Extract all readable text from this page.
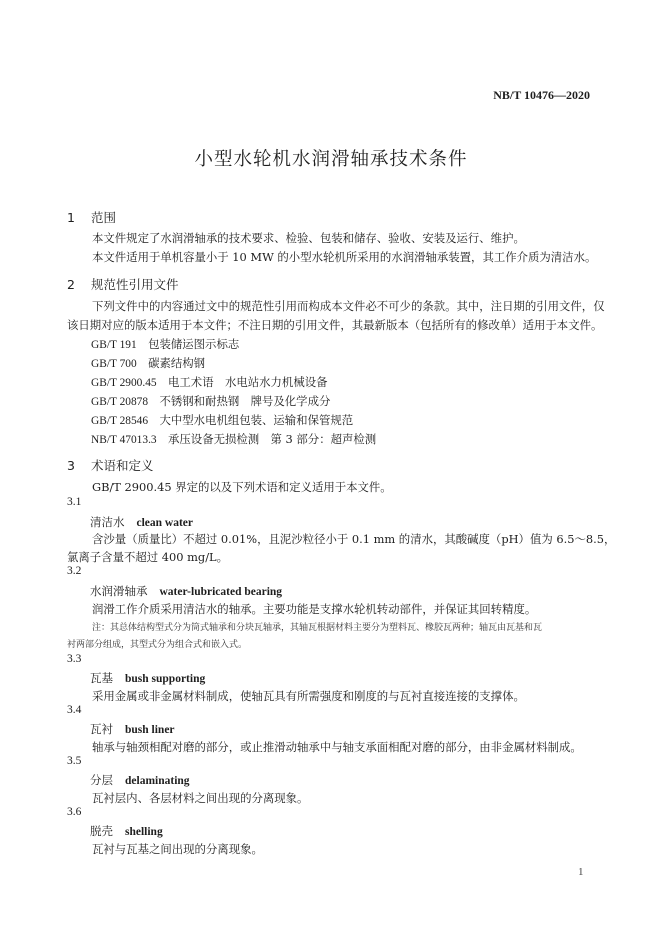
NB/T 10476—2020
小型水轮机水润滑轴承技术条件
1 范围
本文件规定了水润滑轴承的技术要求、检验、包装和储存、验收、安装及运行、维护。
本文件适用于单机容量小于 10 MW 的小型水轮机所采用的水润滑轴承装置，其工作介质为清洁水。
2 规范性引用文件
下列文件中的内容通过文中的规范性引用而构成本文件必不可少的条款。其中，注日期的引用文件，仅
该日期对应的版本适用于本文件；不注日期的引用文件，其最新版本（包括所有的修改单）适用于本文件。
GB/T 191　 包装储运图示标志
GB/T 700　 碳素结构钢
GB/T 2900.45　 电工术语　水电站水力机械设备
GB/T 20878　 不锈钢和耐热钢　牌号及化学成分
GB/T 28546　 大中型水电机组包装、运输和保管规范
NB/T 47013.3　 承压设备无损检测　第 3 部分：超声检测
3 术语和定义
GB/T 2900.45 界定的以及下列术语和定义适用于本文件。
3.1
清洁水 clean water
含沙量（质量比）不超过 0.01%，且泥沙粒径小于 0.1 mm 的清水，其酸碱度（pH）值为 6.5～8.5，
氯离子含量不超过 400 mg/L。
3.2
水润滑轴承 water-lubricated bearing
润滑工作介质采用清洁水的轴承。主要功能是支撑水轮机转动部件，并保证其回转精度。
注：其总体结构型式分为筒式轴承和分块瓦轴承，其轴瓦根据材料主要分为塑料瓦、橡胶瓦两种；轴瓦由瓦基和瓦
衬两部分组成，其型式分为组合式和嵌入式。
3.3
瓦基 bush supporting
采用金属或非金属材料制成，使轴瓦具有所需强度和刚度的与瓦衬直接连接的支撑体。
3.4
瓦衬 bush liner
轴承与轴颈相配对磨的部分，或止推滑动轴承中与轴支承面相配对磨的部分，由非金属材料制成。
3.5
分层 delaminating
瓦衬层内、各层材料之间出现的分离现象。
3.6
脱壳 shelling
瓦衬与瓦基之间出现的分离现象。
1
